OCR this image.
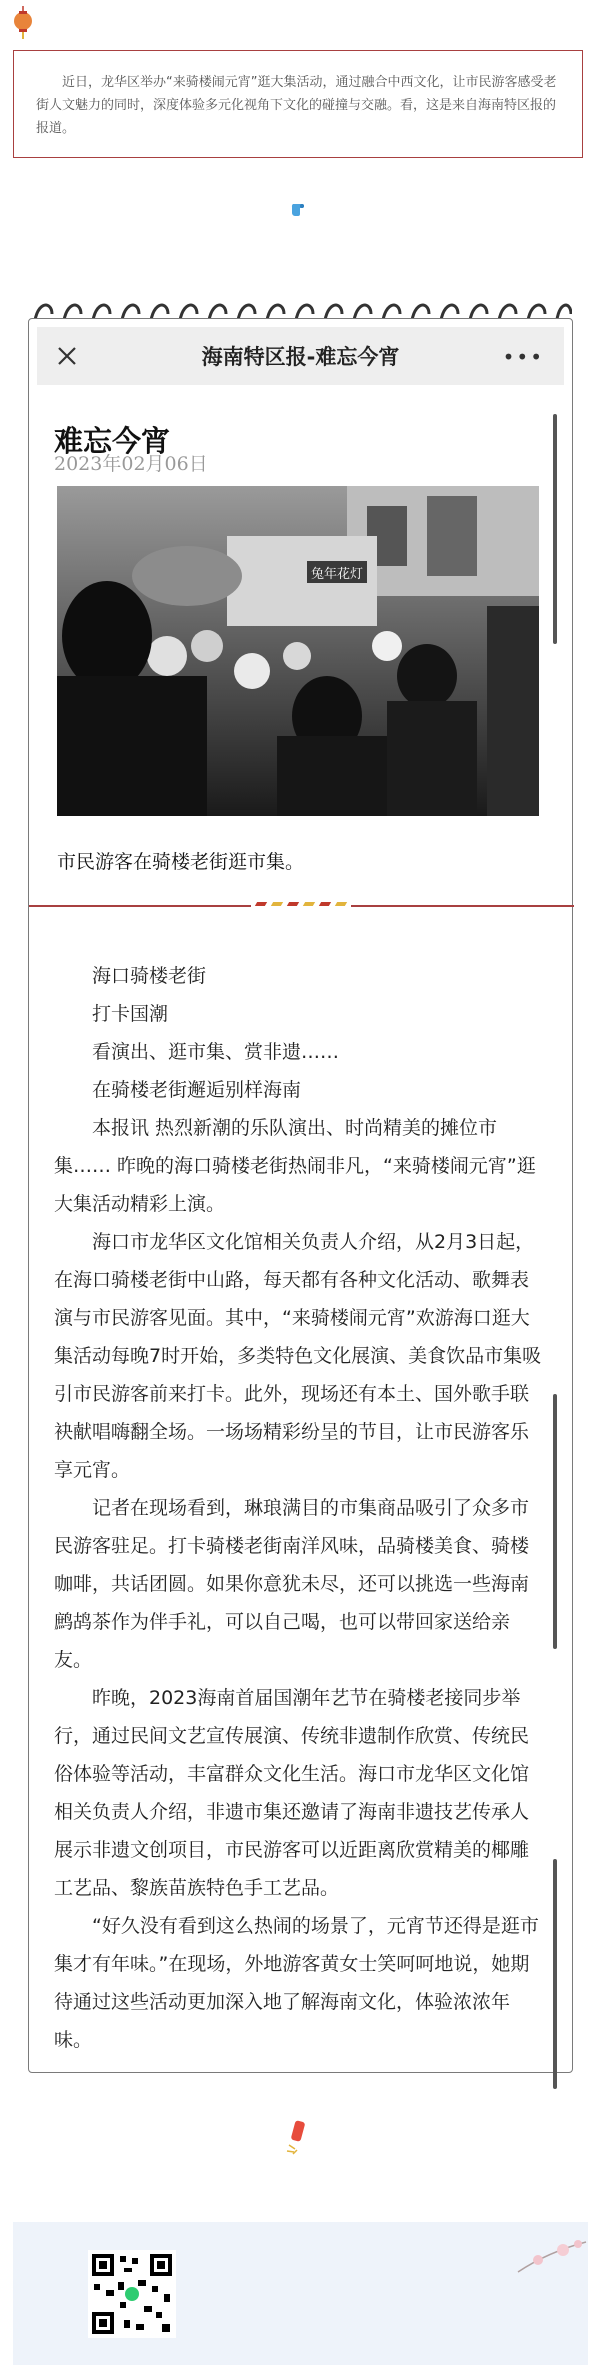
近日，龙华区举办“来骑楼闹元宵”逛大集活动，通过融合中西文化，让市民游客感受老街人文魅力的同时，深度体验多元化视角下文化的碰撞与交融。看，这是来自海南特区报的报道。

海南特区报-难忘今宵	•••
难忘今宵
2023年02月06日
兔年花灯
市民游客在骑楼老街逛市集。

海口骑楼老街

打卡国潮

看演出、逛市集、赏非遗……

在骑楼老街邂逅别样海南

本报讯 热烈新潮的乐队演出、时尚精美的摊位市集…… 昨晚的海口骑楼老街热闹非凡，“来骑楼闹元宵”逛大集活动精彩上演。

海口市龙华区文化馆相关负责人介绍，从2月3日起，在海口骑楼老街中山路，每天都有各种文化活动、歌舞表演与市民游客见面。其中，“来骑楼闹元宵”欢游海口逛大集活动每晚7时开始，多类特色文化展演、美食饮品市集吸引市民游客前来打卡。此外，现场还有本土、国外歌手联袂献唱嗨翻全场。一场场精彩纷呈的节目，让市民游客乐享元宵。

记者在现场看到，琳琅满目的市集商品吸引了众多市民游客驻足。打卡骑楼老街南洋风味，品骑楼美食、骑楼咖啡，共话团圆。如果你意犹未尽，还可以挑选一些海南鹧鸪茶作为伴手礼，可以自己喝，也可以带回家送给亲友。

昨晚，2023海南首届国潮年艺节在骑楼老接同步举行，通过民间文艺宣传展演、传统非遗制作欣赏、传统民俗体验等活动，丰富群众文化生活。海口市龙华区文化馆相关负责人介绍，非遗市集还邀请了海南非遗技艺传承人展示非遗文创项目，市民游客可以近距离欣赏精美的椰雕工艺品、黎族苗族特色手工艺品。

“好久没有看到这么热闹的场景了，元宵节还得是逛市集才有年味。”在现场，外地游客黄女士笑呵呵地说，她期待通过这些活动更加深入地了解海南文化，体验浓浓年味。
